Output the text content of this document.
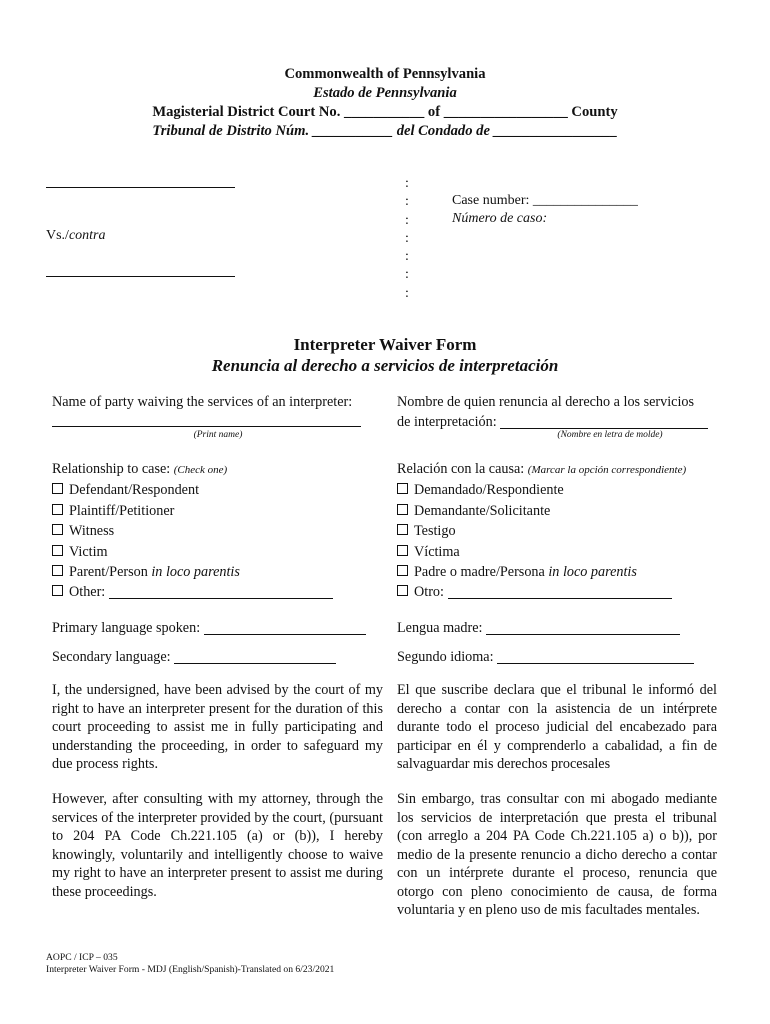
Commonwealth of Pennsylvania
Estado de Pennsylvania
Magisterial District Court No. ___________ of _________________ County
Tribunal de Distrito Núm. ___________ del Condado de _________________
Vs./contra
:
:
:
:
:
:
:
Case number: _______________
Número de caso:
Interpreter Waiver Form
Renuncia al derecho a servicios de interpretación
Name of party waiving the services of an interpreter:
(Print name)
Nombre de quien renuncia al derecho a los servicios
de interpretación:
(Nombre en letra de molde)
Relationship to case: (Check one)
Defendant/Respondent
Plaintiff/Petitioner
Witness
Victim
Parent/Person in loco parentis
Other:
Relación con la causa: (Marcar la opción correspondiente)
Demandado/Respondiente
Demandante/Solicitante
Testigo
Víctima
Padre o madre/Persona in loco parentis
Otro:
Primary language spoken:	Lengua madre:
Secondary language:	Segundo idioma:
I, the undersigned, have been advised by the court of my right to have an interpreter present for the duration of this court proceeding to assist me in fully participating and understanding the proceeding, in order to safeguard my due process rights.
El que suscribe declara que el tribunal le informó del derecho a contar con la asistencia de un intérprete durante todo el proceso judicial del encabezado para participar en él y comprenderlo a cabalidad, a fin de salvaguardar mis derechos procesales
However, after consulting with my attorney, through the services of the interpreter provided by the court, (pursuant to 204 PA Code Ch.221.105 (a) or (b)), I hereby knowingly, voluntarily and intelligently choose to waive my right to have an interpreter present to assist me during these proceedings.
Sin embargo, tras consultar con mi abogado mediante los servicios de interpretación que presta el tribunal (con arreglo a 204 PA Code Ch.221.105 a) o b)), por medio de la presente renuncio a dicho derecho a contar con un intérprete durante el proceso, renuncia que otorgo con pleno conocimiento de causa, de forma voluntaria y en pleno uso de mis facultades mentales.
AOPC / ICP – 035
Interpreter Waiver Form - MDJ (English/Spanish)-Translated on 6/23/2021
